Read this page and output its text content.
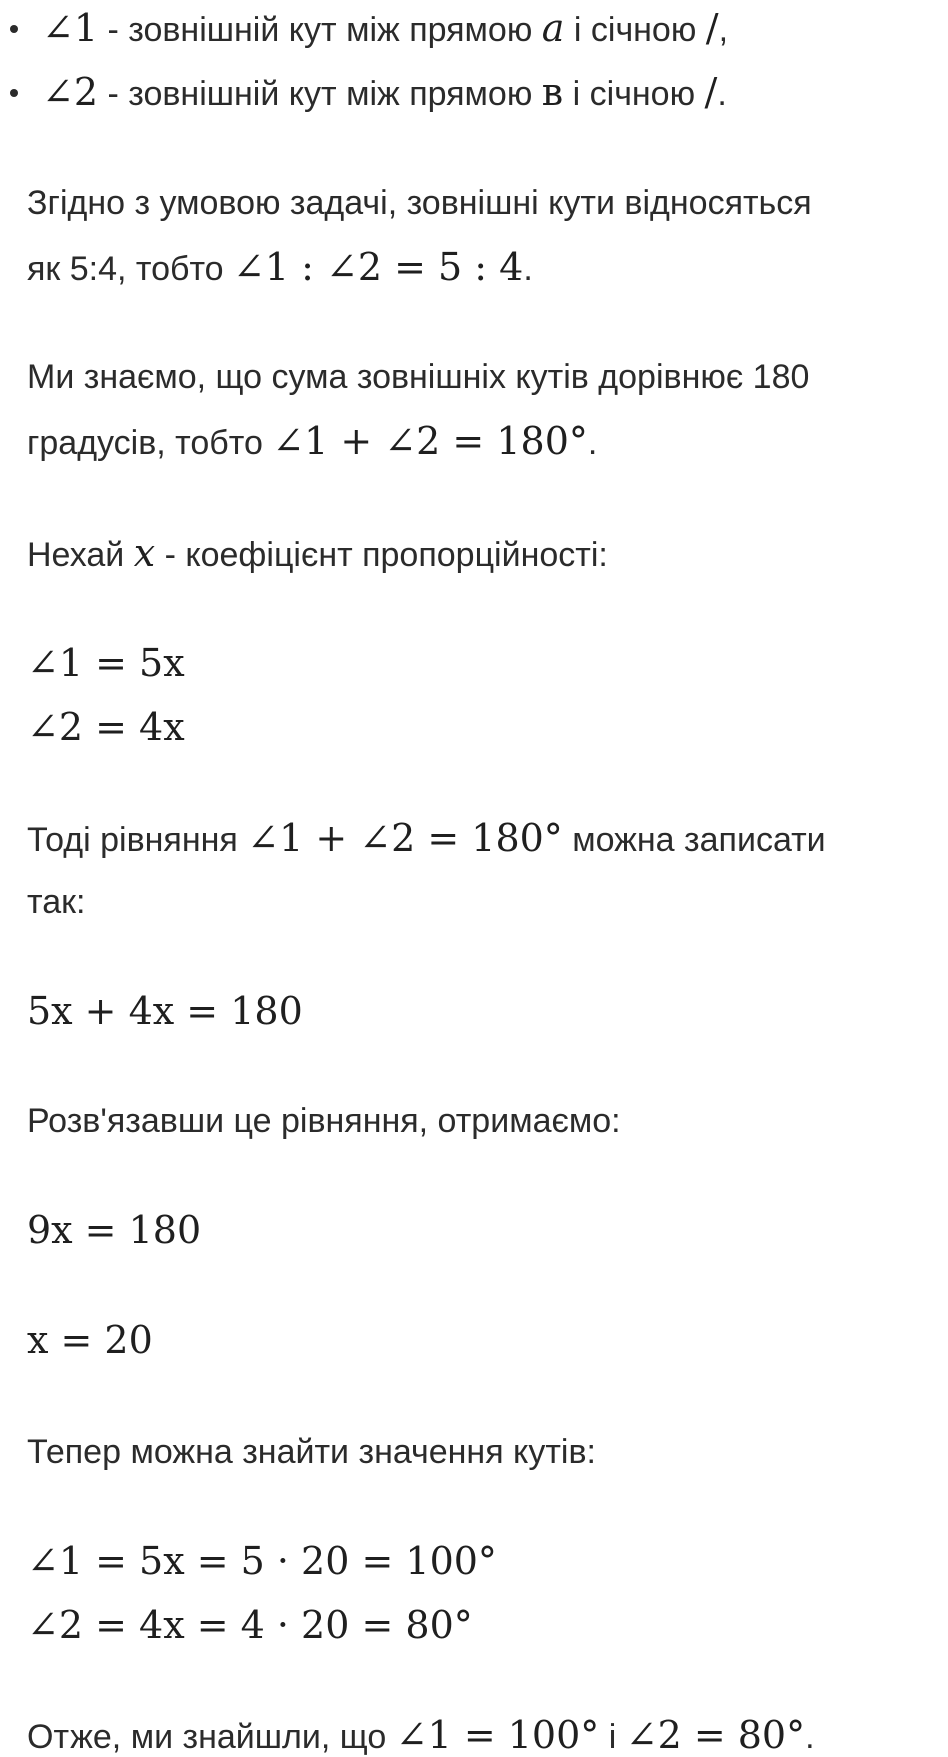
∠1 - зовнішній кут між прямою a і січною /,
∠2 - зовнішній кут між прямою в і січною /.
Згідно з умовою задачі, зовнішні кути відносяться
як 5:4, тобто ∠1 : ∠2 = 5 : 4.
Ми знаємо, що сума зовнішніх кутів дорівнює 180
градусів, тобто ∠1 + ∠2 = 180°.
Нехай x - коефіцієнт пропорційності:
∠1 = 5x
∠2 = 4x
Тоді рівняння ∠1 + ∠2 = 180° можна записати
так:
5x + 4x = 180
Розв'язавши це рівняння, отримаємо:
9x = 180
x = 20
Тепер можна знайти значення кутів:
∠1 = 5x = 5 · 20 = 100°
∠2 = 4x = 4 · 20 = 80°
Отже, ми знайшли, що ∠1 = 100° і ∠2 = 80°.
